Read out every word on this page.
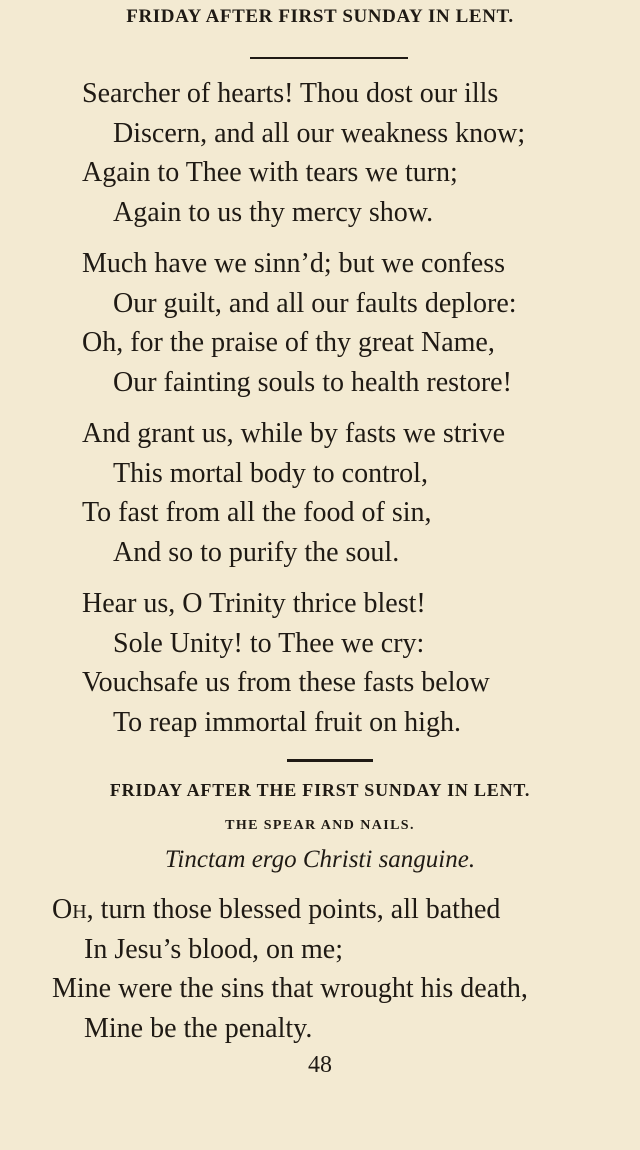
FRIDAY AFTER FIRST SUNDAY IN LENT.
Searcher of hearts! Thou dost our ills
Discern, and all our weakness know;
Again to Thee with tears we turn;
Again to us thy mercy show.
Much have we sinn’d; but we confess
Our guilt, and all our faults deplore:
Oh, for the praise of thy great Name,
Our fainting souls to health restore!
And grant us, while by fasts we strive
This mortal body to control,
To fast from all the food of sin,
And so to purify the soul.
Hear us, O Trinity thrice blest!
Sole Unity! to Thee we cry:
Vouchsafe us from these fasts below
To reap immortal fruit on high.
FRIDAY AFTER THE FIRST SUNDAY IN LENT.
THE SPEAR AND NAILS.
Tinctam ergo Christi sanguine.
Oh, turn those blessed points, all bathed
In Jesu’s blood, on me;
Mine were the sins that wrought his death,
Mine be the penalty.
48
